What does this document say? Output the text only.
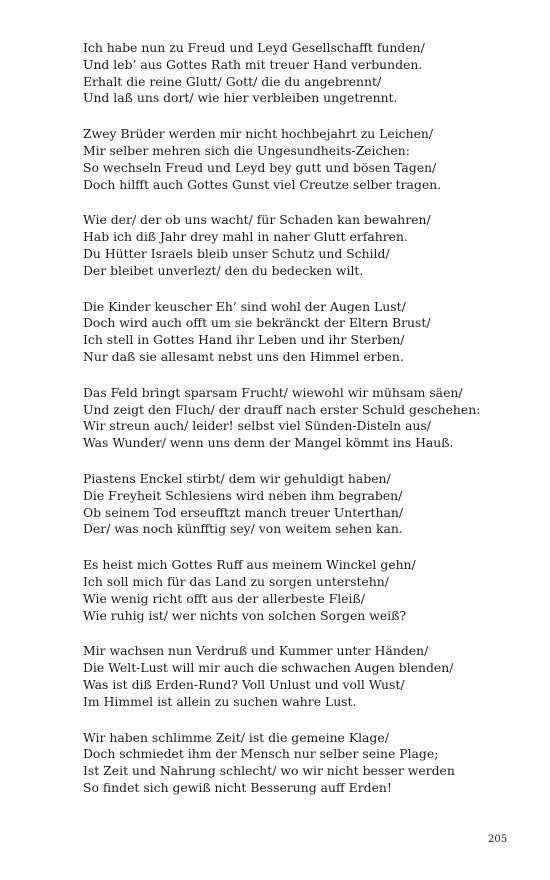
Ich habe nun zu Freud und Leyd Gesellschafft funden/
Und leb’ aus Gottes Rath mit treuer Hand verbunden.
Erhalt die reine Glutt/ Gott/ die du angebrennt/
Und laß uns dort/ wie hier verbleiben ungetrennt.
Zwey Brüder werden mir nicht hochbejahrt zu Leichen/
Mir selber mehren sich die Ungesundheits-Zeichen:
So wechseln Freud und Leyd bey gutt und bösen Tagen/
Doch hilfft auch Gottes Gunst viel Creutze selber tragen.
Wie der/ der ob uns wacht/ für Schaden kan bewahren/
Hab ich diß Jahr drey mahl in naher Glutt erfahren.
Du Hütter Israels bleib unser Schutz und Schild/
Der bleibet unverlezt/ den du bedecken wilt.
Die Kinder keuscher Eh’ sind wohl der Augen Lust/
Doch wird auch offt um sie bekränckt der Eltern Brust/
Ich stell in Gottes Hand ihr Leben und ihr Sterben/
Nur daß sie allesamt nebst uns den Himmel erben.
Das Feld bringt sparsam Frucht/ wiewohl wir mühsam säen/
Und zeigt den Fluch/ der drauff nach erster Schuld geschehen:
Wir streun auch/ leider! selbst viel Sünden-Disteln aus/
Was Wunder/ wenn uns denn der Mangel kömmt ins Hauß.
Piastens Enckel stirbt/ dem wir gehuldigt haben/
Die Freyheit Schlesiens wird neben ihm begraben/
Ob seinem Tod erseufftzt manch treuer Unterthan/
Der/ was noch künfftig sey/ von weitem sehen kan.
Es heist mich Gottes Ruff aus meinem Winckel gehn/
Ich soll mich für das Land zu sorgen unterstehn/
Wie wenig richt offt aus der allerbeste Fleiß/
Wie ruhig ist/ wer nichts von solchen Sorgen weiß?
Mir wachsen nun Verdruß und Kummer unter Händen/
Die Welt-Lust will mir auch die schwachen Augen blenden/
Was ist diß Erden-Rund? Voll Unlust und voll Wust/
Im Himmel ist allein zu suchen wahre Lust.
Wir haben schlimme Zeit/ ist die gemeine Klage/
Doch schmiedet ihm der Mensch nur selber seine Plage;
Ist Zeit und Nahrung schlecht/ wo wir nicht besser werden
So findet sich gewiß nicht Besserung auff Erden!
205
